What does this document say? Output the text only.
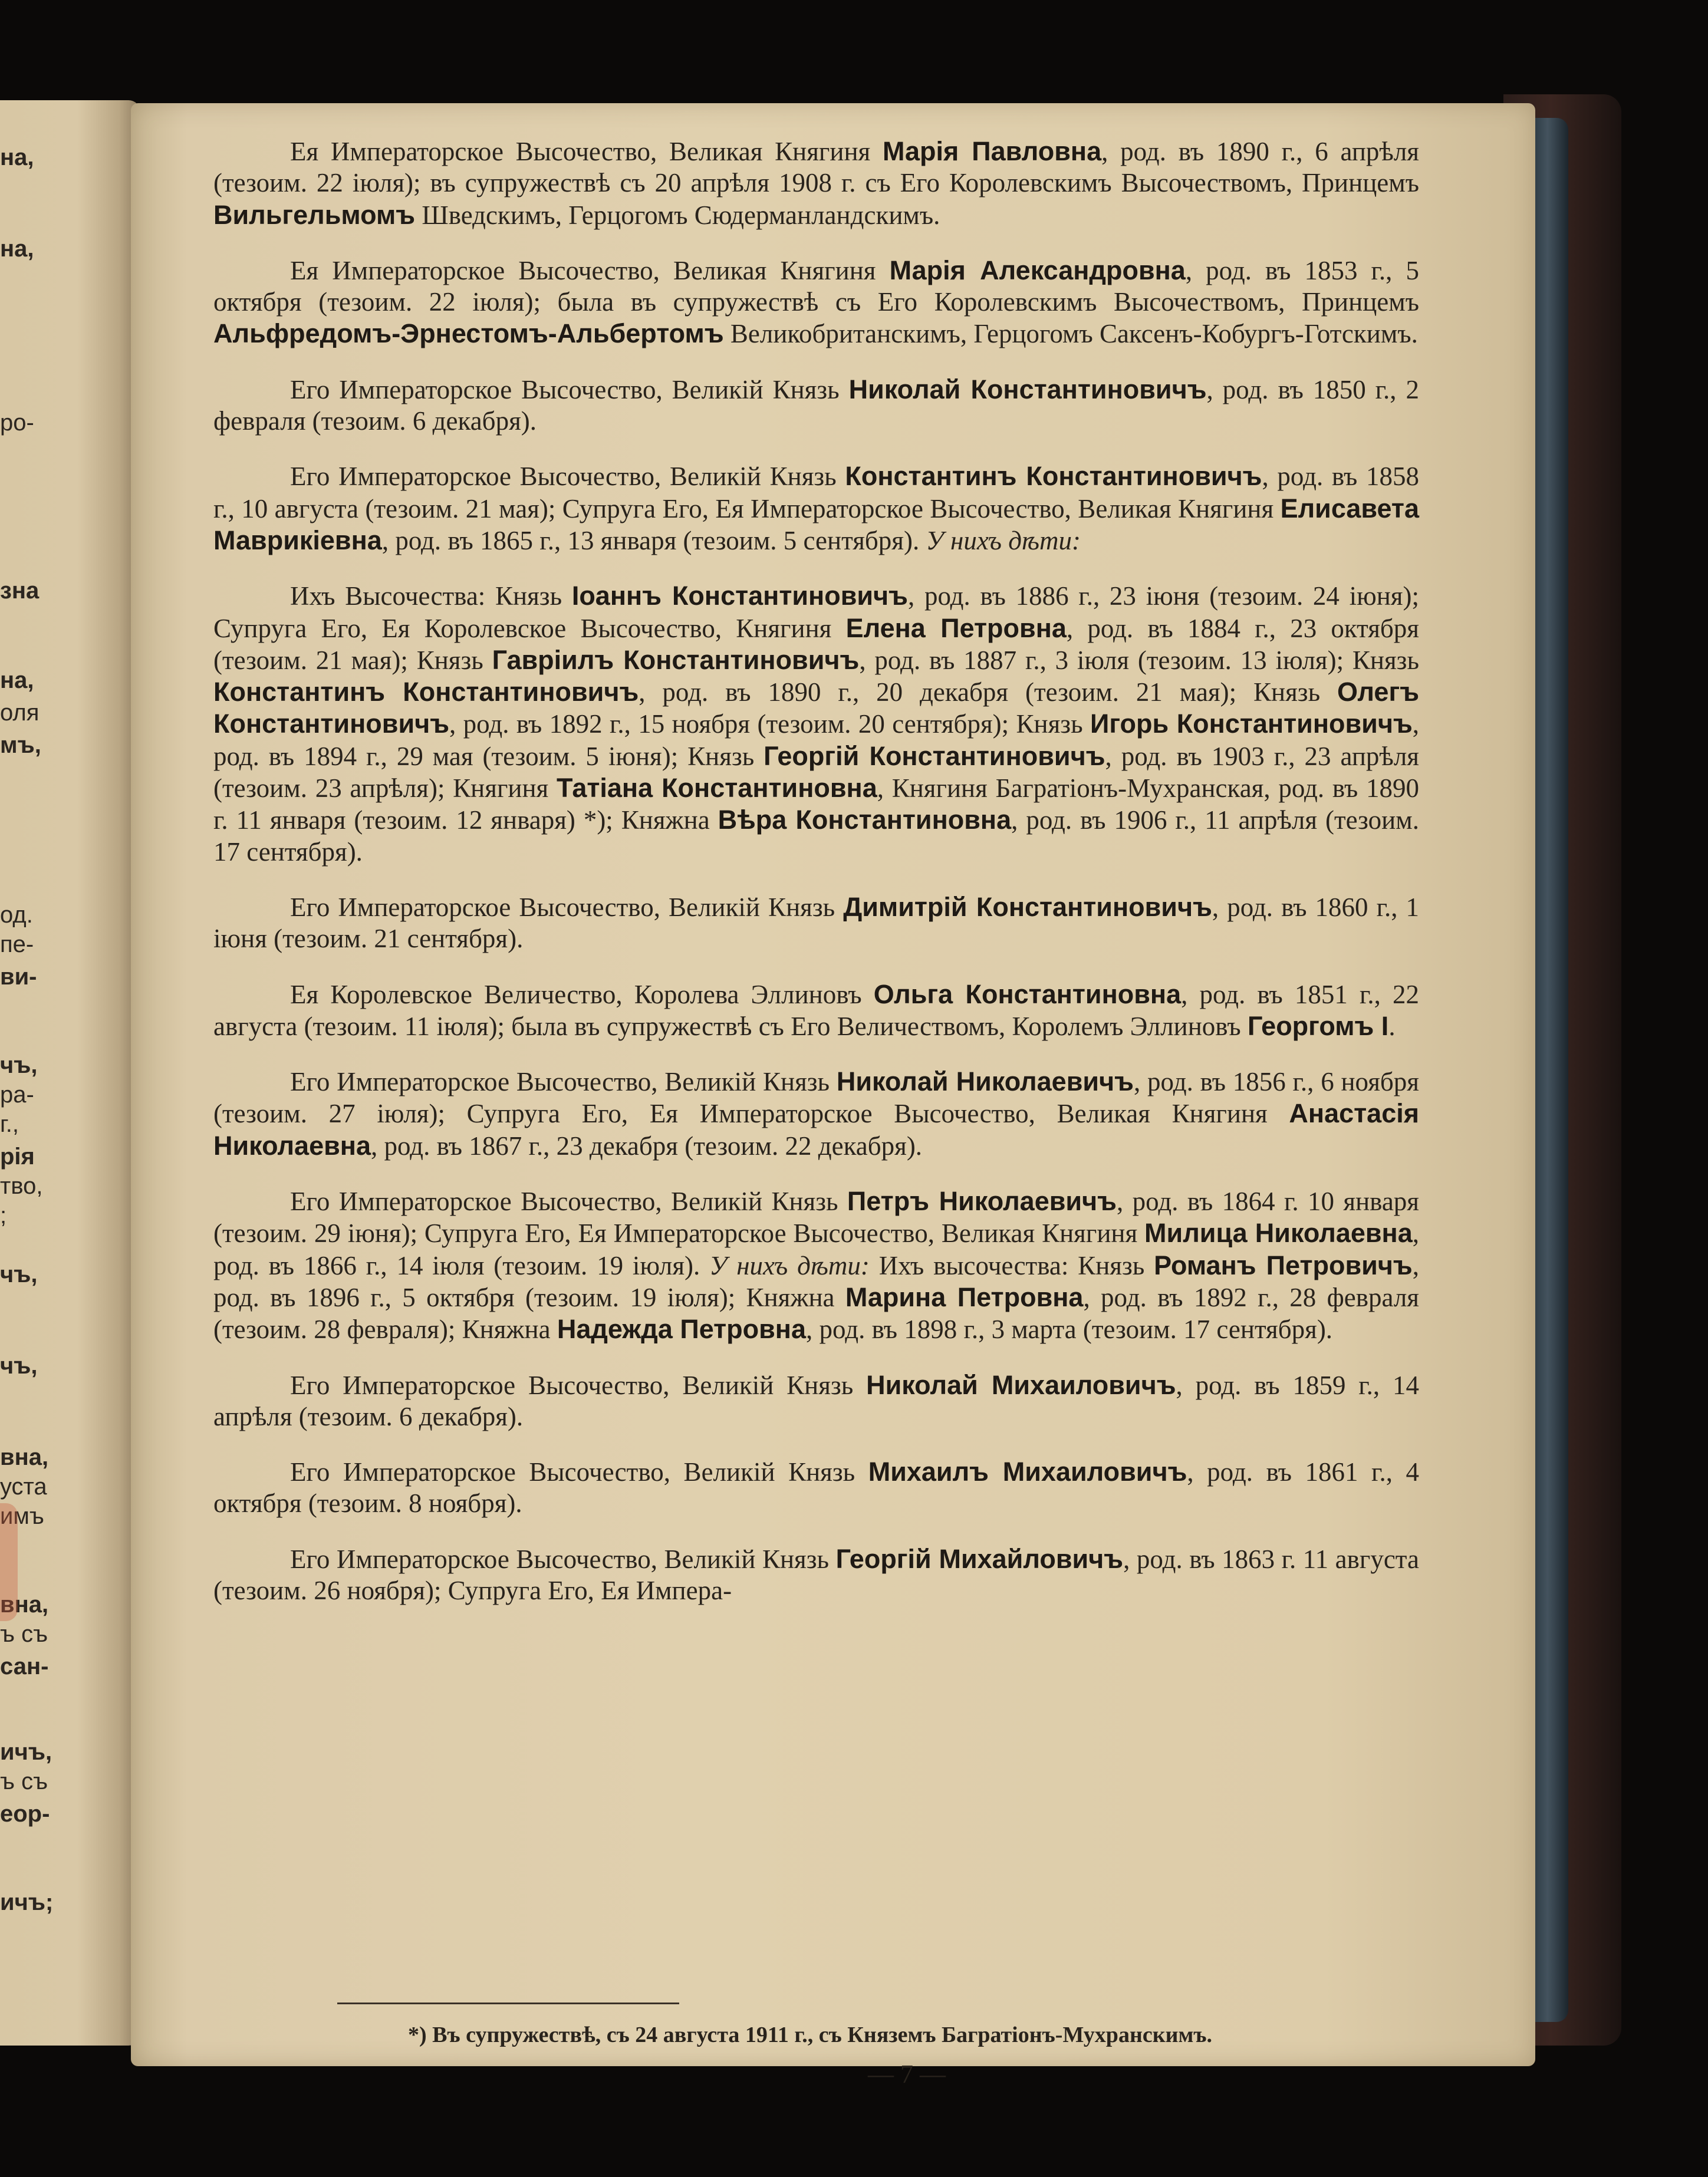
на,
на,
ро-
зна
на,
оля
мъ,
од.
пе-
ви-
чъ,
ра-
г.,
рія
тво,
;
чъ,
чъ,
вна,
уста
имъ
вна,
ъ съ
сан-
ичъ,
ъ съ
еор-
ичъ;

Ея Императорское Высочество, Великая Княгиня Марія Павловна, род. въ 1890 г., 6 апрѣля (тезоим. 22 іюля); въ супружествѣ съ 20 апрѣля 1908 г. съ Его Королевскимъ Высочествомъ, Принцемъ Вильгельмомъ Шведскимъ, Герцогомъ Сюдерманландскимъ.

Ея Императорское Высочество, Великая Княгиня Марія Александровна, род. въ 1853 г., 5 октября (тезоим. 22 іюля); была въ супружествѣ съ Его Королевскимъ Высочествомъ, Принцемъ Альфредомъ-Эрнестомъ-Альбертомъ Великобританскимъ, Герцогомъ Саксенъ-Кобургъ-Готскимъ.

Его Императорское Высочество, Великій Князь Николай Константиновичъ, род. въ 1850 г., 2 февраля (тезоим. 6 декабря).

Его Императорское Высочество, Великій Князь Константинъ Константиновичъ, род. въ 1858 г., 10 августа (тезоим. 21 мая); Супруга Его, Ея Императорское Высочество, Великая Княгиня Елисавета Маврикіевна, род. въ 1865 г., 13 января (тезоим. 5 сентября). У нихъ дѣти:

Ихъ Высочества: Князь Іоаннъ Константиновичъ, род. въ 1886 г., 23 іюня (тезоим. 24 іюня); Супруга Его, Ея Королевское Высочество, Княгиня Елена Петровна, род. въ 1884 г., 23 октября (тезоим. 21 мая); Князь Гавріилъ Константиновичъ, род. въ 1887 г., 3 іюля (тезоим. 13 іюля); Князь Константинъ Константиновичъ, род. въ 1890 г., 20 декабря (тезоим. 21 мая); Князь Олегъ Константиновичъ, род. въ 1892 г., 15 ноября (тезоим. 20 сентября); Князь Игорь Константиновичъ, род. въ 1894 г., 29 мая (тезоим. 5 іюня); Князь Георгій Константиновичъ, род. въ 1903 г., 23 апрѣля (тезоим. 23 апрѣля); Княгиня Татіана Константиновна, Княгиня Багратіонъ-Мухранская, род. въ 1890 г. 11 января (тезоим. 12 января) *); Княжна Вѣра Константиновна, род. въ 1906 г., 11 апрѣля (тезоим. 17 сентября).

Его Императорское Высочество, Великій Князь Димитрій Константиновичъ, род. въ 1860 г., 1 іюня (тезоим. 21 сентября).

Ея Королевское Величество, Королева Эллиновъ Ольга Константиновна, род. въ 1851 г., 22 августа (тезоим. 11 іюля); была въ супружествѣ съ Его Величествомъ, Королемъ Эллиновъ Георгомъ І.

Его Императорское Высочество, Великій Князь Николай Николаевичъ, род. въ 1856 г., 6 ноября (тезоим. 27 іюля); Супруга Его, Ея Императорское Высочество, Великая Княгиня Анастасія Николаевна, род. въ 1867 г., 23 декабря (тезоим. 22 декабря).

Его Императорское Высочество, Великій Князь Петръ Николаевичъ, род. въ 1864 г. 10 января (тезоим. 29 іюня); Супруга Его, Ея Императорское Высочество, Великая Княгиня Милица Николаевна, род. въ 1866 г., 14 іюля (тезоим. 19 іюля). У нихъ дѣти: Ихъ высочества: Князь Романъ Петровичъ, род. въ 1896 г., 5 октября (тезоим. 19 іюля); Княжна Марина Петровна, род. въ 1892 г., 28 февраля (тезоим. 28 февраля); Княжна Надежда Петровна, род. въ 1898 г., 3 марта (тезоим. 17 сентября).

Его Императорское Высочество, Великій Князь Николай Михаиловичъ, род. въ 1859 г., 14 апрѣля (тезоим. 6 декабря).

Его Императорское Высочество, Великій Князь Михаилъ Михаиловичъ, род. въ 1861 г., 4 октября (тезоим. 8 ноября).

Его Императорское Высочество, Великій Князь Георгій Михайловичъ, род. въ 1863 г. 11 августа (тезоим. 26 ноября); Супруга Его, Ея Импера-

*) Въ супружествѣ, съ 24 августа 1911 г., съ Княземъ Багратіонъ-Мухранскимъ.
— 7 —
